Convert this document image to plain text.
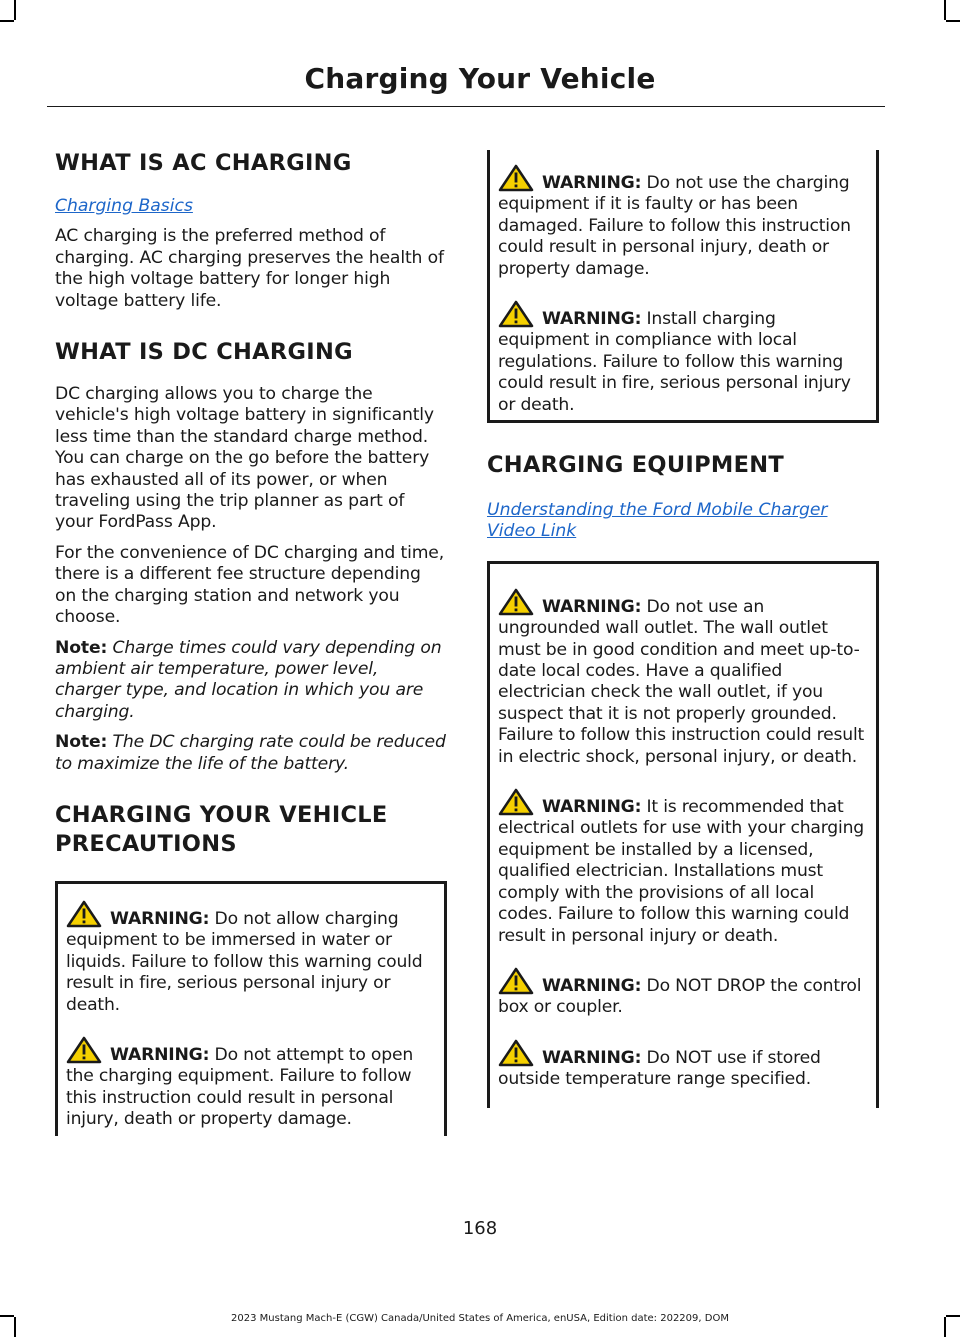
Charging Your Vehicle
WHAT IS AC CHARGING
Charging Basics

AC charging is the preferred method of charging. AC charging preserves the health of the high voltage battery for longer high voltage battery life.

WHAT IS DC CHARGING

DC charging allows you to charge the vehicle's high voltage battery in significantly less time than the standard charge method. You can charge on the go before the battery has exhausted all of its power, or when traveling using the trip planner as part of your FordPass App.

For the convenience of DC charging and time, there is a different fee structure depending on the charging station and network you choose.

Note: Charge times could vary depending on ambient air temperature, power level, charger type, and location in which you are charging.

Note: The DC charging rate could be reduced to maximize the life of the battery.

CHARGING YOUR VEHICLE
PRECAUTIONS
WARNING: Do not allow charging equipment to be immersed in water or liquids. Failure to follow this warning could result in fire, serious personal injury or death.
WARNING: Do not attempt to open the charging equipment. Failure to follow this instruction could result in personal injury, death or property damage.
WARNING: Do not use the charging equipment if it is faulty or has been damaged. Failure to follow this instruction could result in personal injury, death or property damage.
WARNING: Install charging equipment in compliance with local regulations. Failure to follow this warning could result in fire, serious personal injury or death.
CHARGING EQUIPMENT
Understanding the Ford Mobile Charger Video Link
WARNING: Do not use an ungrounded wall outlet. The wall outlet must be in good condition and meet up-to-date local codes. Have a qualified electrician check the wall outlet, if you suspect that it is not properly grounded. Failure to follow this instruction could result in electric shock, personal injury, or death.
WARNING: It is recommended that electrical outlets for use with your charging equipment be installed by a licensed, qualified electrician. Installations must comply with the provisions of all local codes. Failure to follow this warning could result in personal injury or death.
WARNING: Do NOT DROP the control box or coupler.
WARNING: Do NOT use if stored outside temperature range specified.
168
2023 Mustang Mach-E (CGW) Canada/United States of America, enUSA, Edition date: 202209, DOM
